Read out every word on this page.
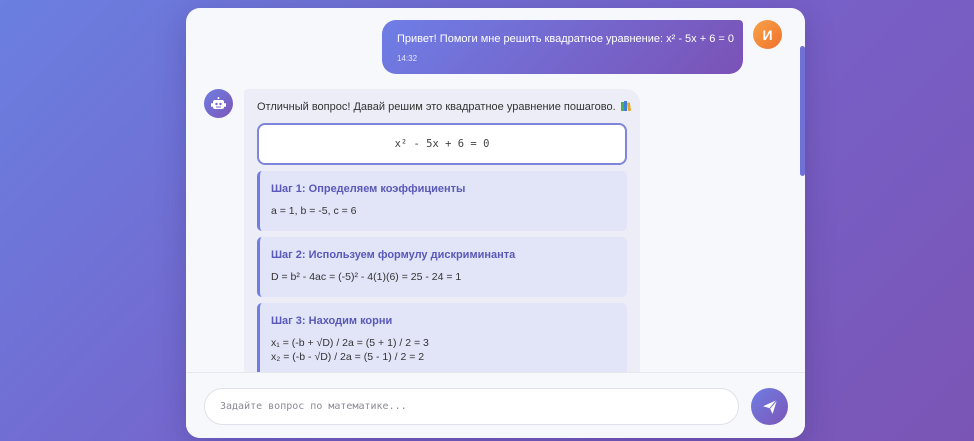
Привет! Помоги мне решить квадратное уравнение: x² - 5x + 6 = 0
14:32
И
Отличный вопрос! Давай решим это квадратное уравнение пошагово.
x² - 5x + 6 = 0
Шаг 1: Определяем коэффициенты
a = 1, b = -5, c = 6
Шаг 2: Используем формулу дискриминанта
D = b² - 4ac = (-5)² - 4(1)(6) = 25 - 24 = 1
Шаг 3: Находим корни
x₁ = (-b + √D) / 2a = (5 + 1) / 2 = 3
x₂ = (-b - √D) / 2a = (5 - 1) / 2 = 2
Задайте вопрос по математике...
